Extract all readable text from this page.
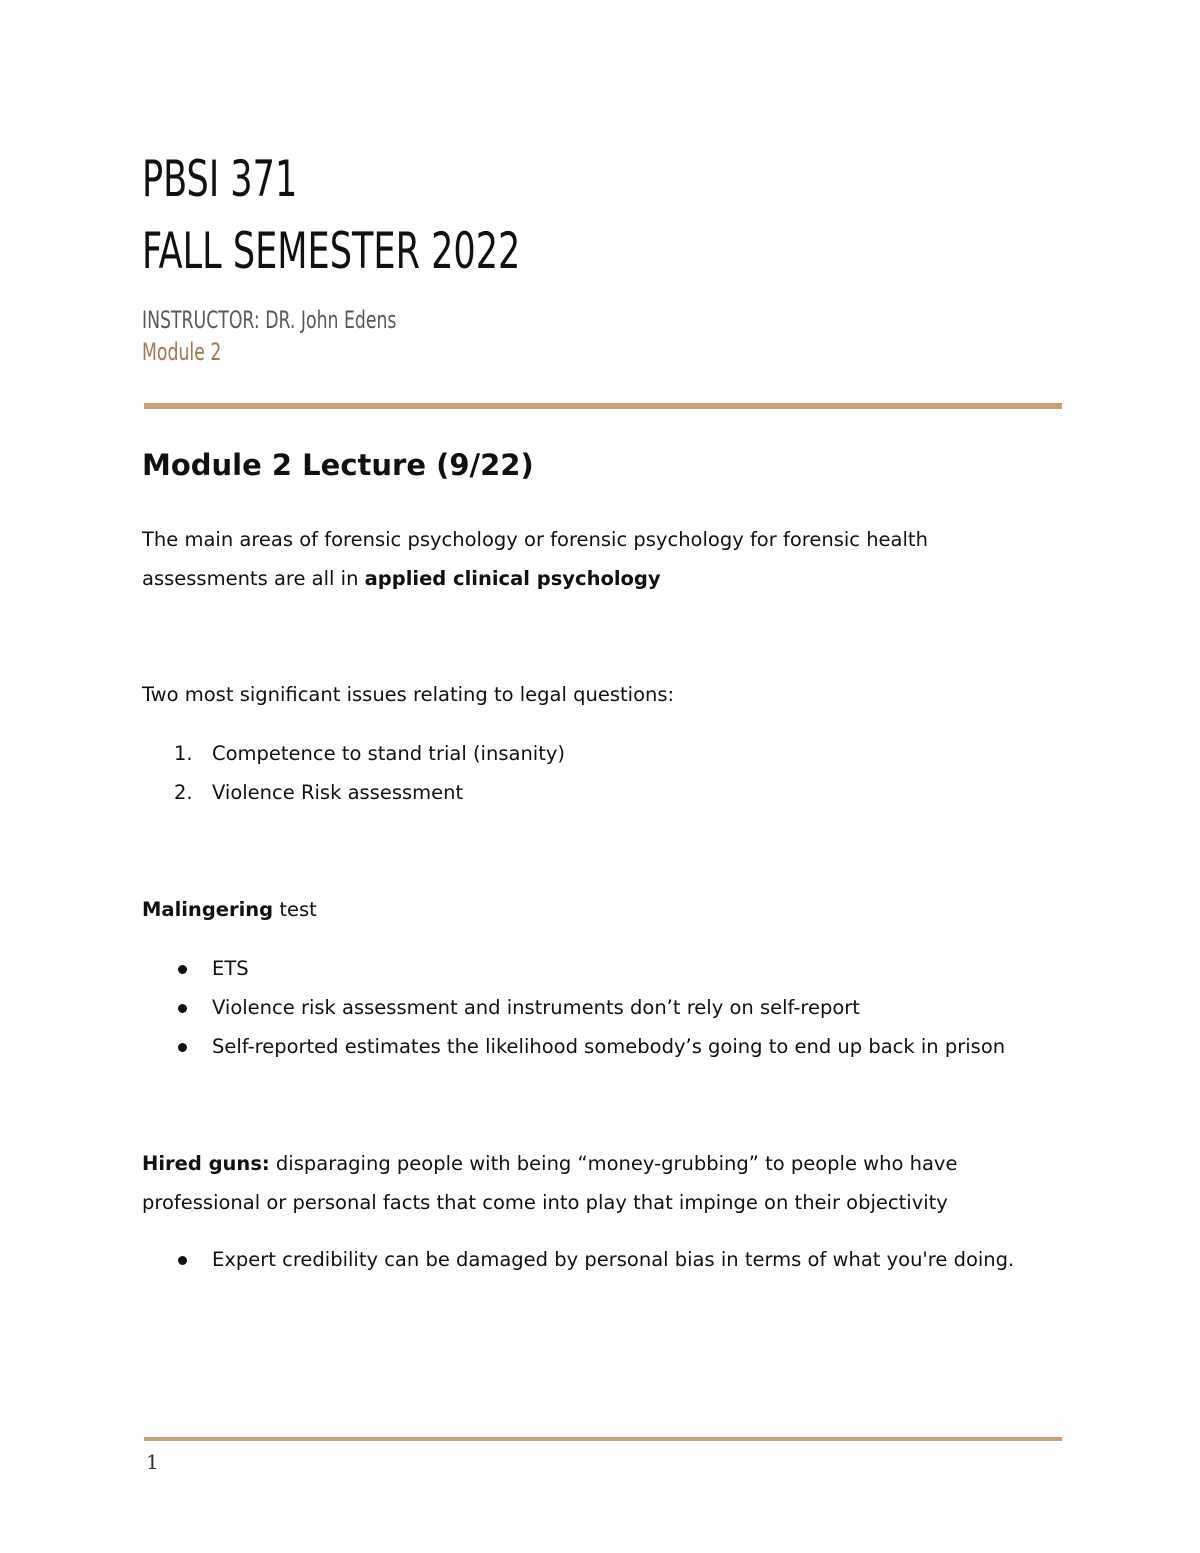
PBSI 371
FALL SEMESTER 2022

INSTRUCTOR: DR. John Edens

Module 2

Module 2 Lecture (9/22)

The main areas of forensic psychology or forensic psychology for forensic health
assessments are all in applied clinical psychology

Two most significant issues relating to legal questions:

1. Competence to stand trial (insanity)
2. Violence Risk assessment

Malingering test

ETS
Violence risk assessment and instruments don’t rely on self-report
Self-reported estimates the likelihood somebody’s going to end up back in prison

Hired guns: disparaging people with being “money-grubbing” to people who have
professional or personal facts that come into play that impinge on their objectivity

Expert credibility can be damaged by personal bias in terms of what you're doing.
1
